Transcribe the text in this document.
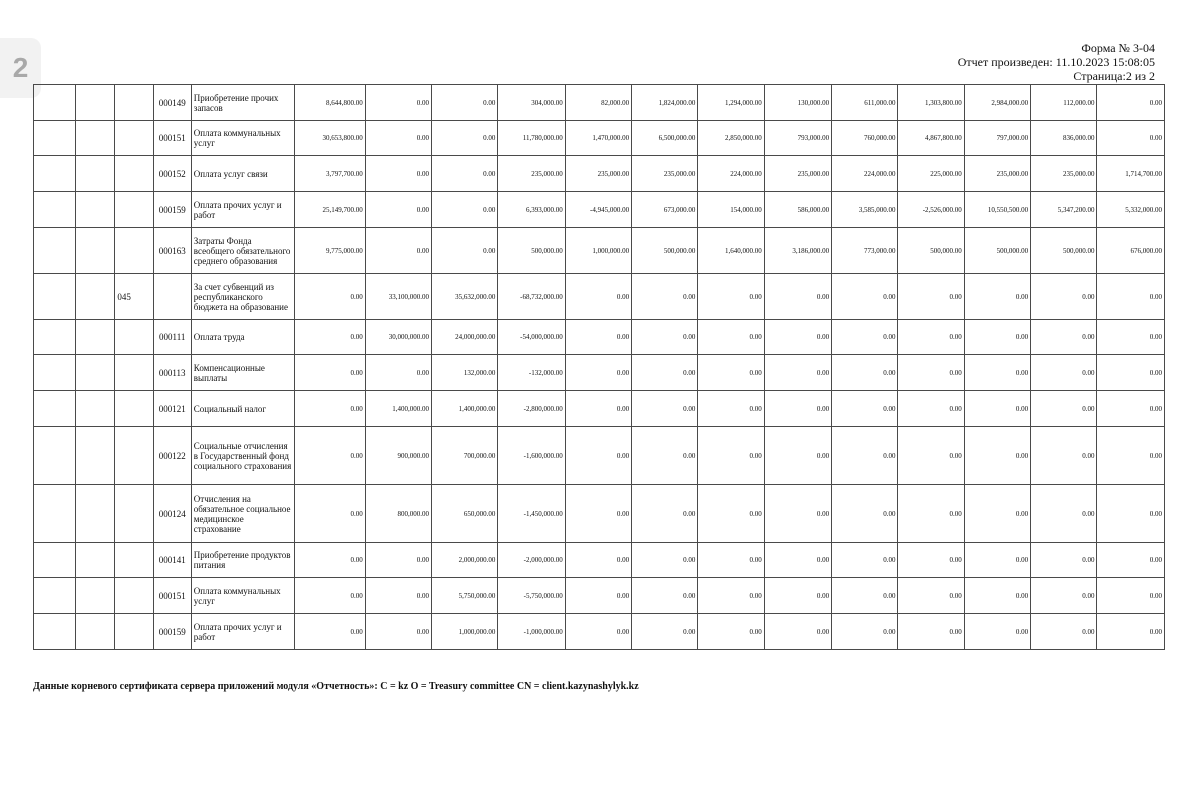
2
Форма № 3-04
Отчет произведен: 11.10.2023 15:08:05
Страница:2 из 2
			000149	Приобретение прочих запасов	8,644,800.00	0.00	0.00	304,000.00	82,000.00	1,824,000.00	1,294,000.00	130,000.00	611,000.00	1,303,800.00	2,984,000.00	112,000.00	0.00
			000151	Оплата коммунальных услуг	30,653,800.00	0.00	0.00	11,780,000.00	1,470,000.00	6,500,000.00	2,850,000.00	793,000.00	760,000.00	4,867,800.00	797,000.00	836,000.00	0.00
			000152	Оплата услуг связи	3,797,700.00	0.00	0.00	235,000.00	235,000.00	235,000.00	224,000.00	235,000.00	224,000.00	225,000.00	235,000.00	235,000.00	1,714,700.00
			000159	Оплата прочих услуг и работ	25,149,700.00	0.00	0.00	6,393,000.00	-4,945,000.00	673,000.00	154,000.00	586,000.00	3,585,000.00	-2,526,000.00	10,550,500.00	5,347,200.00	5,332,000.00
			000163	Затраты Фонда всеобщего обязательного среднего образования	9,775,000.00	0.00	0.00	500,000.00	1,000,000.00	500,000.00	1,640,000.00	3,186,000.00	773,000.00	500,000.00	500,000.00	500,000.00	676,000.00
		045		За счет субвенций из республиканского бюджета на образование	0.00	33,100,000.00	35,632,000.00	-68,732,000.00	0.00	0.00	0.00	0.00	0.00	0.00	0.00	0.00	0.00
			000111	Оплата труда	0.00	30,000,000.00	24,000,000.00	-54,000,000.00	0.00	0.00	0.00	0.00	0.00	0.00	0.00	0.00	0.00
			000113	Компенсационные выплаты	0.00	0.00	132,000.00	-132,000.00	0.00	0.00	0.00	0.00	0.00	0.00	0.00	0.00	0.00
			000121	Социальный налог	0.00	1,400,000.00	1,400,000.00	-2,800,000.00	0.00	0.00	0.00	0.00	0.00	0.00	0.00	0.00	0.00
			000122	Социальные отчисления в Государственный фонд социального страхования	0.00	900,000.00	700,000.00	-1,600,000.00	0.00	0.00	0.00	0.00	0.00	0.00	0.00	0.00	0.00
			000124	Отчисления на обязательное социальное медицинское страхование	0.00	800,000.00	650,000.00	-1,450,000.00	0.00	0.00	0.00	0.00	0.00	0.00	0.00	0.00	0.00
			000141	Приобретение продуктов питания	0.00	0.00	2,000,000.00	-2,000,000.00	0.00	0.00	0.00	0.00	0.00	0.00	0.00	0.00	0.00
			000151	Оплата коммунальных услуг	0.00	0.00	5,750,000.00	-5,750,000.00	0.00	0.00	0.00	0.00	0.00	0.00	0.00	0.00	0.00
			000159	Оплата прочих услуг и работ	0.00	0.00	1,000,000.00	-1,000,000.00	0.00	0.00	0.00	0.00	0.00	0.00	0.00	0.00	0.00
Данные корневого сертификата сервера приложений модуля «Отчетность»: C = kz O = Treasury committee CN = client.kazynashylyk.kz
